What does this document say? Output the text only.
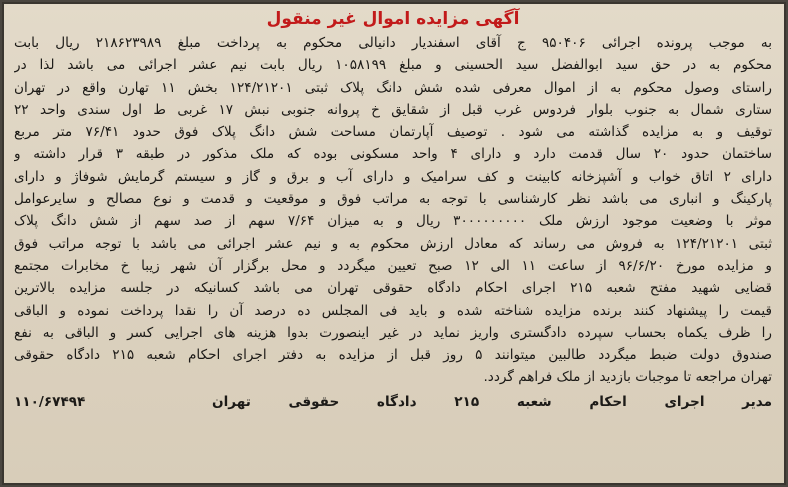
آگهی مزایده اموال غیر منقول
به موجب پرونده اجرائی ۹۵۰۴۰۶ ج آقای اسفندیار دانیالی محکوم به پرداخت مبلغ ۲۱۸۶۲۳۹۸۹ ریال بابت
محکوم به در حق سید ابوالفضل سید الحسینی و مبلغ ۱۰۵۸۱۹۹ ریال بابت نیم عشر اجرائی می باشد لذا در
راستای وصول محکوم به از اموال معرفی شده شش دانگ پلاک ثبتی ۱۲۴/۲۱۲۰۱ بخش ۱۱ تهارن واقع در تهران
ستاری شمال به جنوب بلوار فردوس غرب قبل از شقایق خ پروانه جنوبی نبش ۱۷ غربی ط اول سندی واحد ۲۲
توقیف و به مزایده گذاشته می شود . توصیف آپارتمان مساحت شش دانگ پلاک فوق حدود ۷۶/۴۱ متر مربع
ساختمان حدود ۲۰ سال قدمت دارد و دارای ۴ واحد مسکونی بوده که ملک مذکور در طبقه ۳ قرار داشته و
دارای ۲ اتاق خواب و آشپزخانه کابینت و کف سرامیک و دارای آب و برق و گاز و سیستم گرمایش شوفاژ و دارای
پارکینگ و انباری می باشد نظر کارشناسی با توجه به مراتب فوق و موقعیت و قدمت و نوع مصالح و سایرعوامل
موثر با وضعیت موجود ارزش ملک ۳۰۰۰۰۰۰۰۰۰ ریال و به میزان ۷/۶۴ سهم از صد سهم از شش دانگ پلاک
ثبتی ۱۲۴/۲۱۲۰۱ به فروش می رساند که معادل ارزش محکوم به و نیم عشر اجرائی می باشد با توجه مراتب فوق
و مزایده مورخ ۹۶/۶/۲۰ از ساعت ۱۱ الی ۱۲ صبح تعیین میگردد و محل برگزار آن شهر زیبا خ مخابرات مجتمع
قضایی شهید مفتح شعبه ۲۱۵ اجرای احکام دادگاه حقوقی تهران می باشد کسانیکه در جلسه مزایده بالاترین
قیمت را پیشنهاد کنند برنده مزایده شناخته شده و باید فی المجلس ده درصد آن را نقدا پرداخت نموده و الباقی
را ظرف یکماه بحساب سپرده دادگستری واریز نماید در غیر اینصورت بدوا هزینه های اجرایی کسر و الباقی به نفع
صندوق دولت ضبط میگردد طالبین میتوانند ۵ روز قبل از مزایده به دفتر اجرای احکام شعبه ۲۱۵ دادگاه حقوقی
تهران مراجعه تا موجبات بازدید از ملک فراهم گردد.
مدیر
اجرای
احکام
شعبه
۲۱۵
دادگاه
حقوقی
تهران
۱۱۰/۶۷۴۹۴
